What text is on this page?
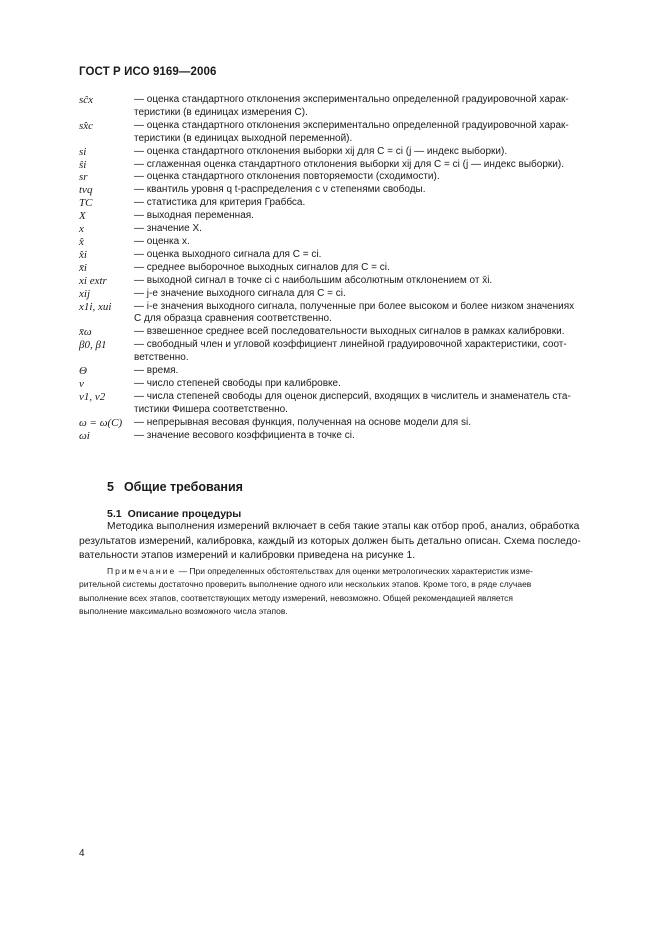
ГОСТ Р ИСО 9169—2006
sĉx	— оценка стандартного отклонения экспериментально определенной градуировочной харак-
теристики (в единицах измерения C).
sx̂c	— оценка стандартного отклонения экспериментально определенной градуировочной харак-
теристики (в единицах выходной переменной).
si	— оценка стандартного отклонения выборки xij для C = ci (j — индекс выборки).
ŝi	— сглаженная оценка стандартного отклонения выборки xij для C = ci (j — индекс выборки).
sr	— оценка стандартного отклонения повторяемости (сходимости).
tνq	— квантиль уровня q t-распределения с ν степенями свободы.
TC	— статистика для критерия Граббса.
X	— выходная переменная.
x	— значение X.
x̂	— оценка x.
x̂i	— оценка выходного сигнала для C = ci.
x̄i	— среднее выборочное выходных сигналов для C = ci.
xi extr	— выходной сигнал в точке ci с наибольшим абсолютным отклонением от x̄i.
xij	— j-е значение выходного сигнала для C = ci.
x1i, xui	— i-е значения выходного сигнала, полученные при более высоком и более низком значениях
C для образца сравнения соответственно.
x̄ω	— взвешенное среднее всей последовательности выходных сигналов в рамках калибровки.
β0, β1	— свободный член и угловой коэффициент линейной градуировочной характеристики, соот-
ветственно.
Θ	— время.
ν	— число степеней свободы при калибровке.
ν1, ν2	— числа степеней свободы для оценок дисперсий, входящих в числитель и знаменатель ста-
тистики Фишера соответственно.
ω = ω(C)	— непрерывная весовая функция, полученная на основе модели для si.
ωi	— значение весового коэффициента в точке ci.
5 Общие требования
5.1 Описание процедуры
Методика выполнения измерений включает в себя такие этапы как отбор проб, анализ, обработка
результатов измерений, калибровка, каждый из которых должен быть детально описан. Схема последо-
вательности этапов измерений и калибровки приведена на рисунке 1.
Примечание — При определенных обстоятельствах для оценки метрологических характеристик изме-
рительной системы достаточно проверить выполнение одного или нескольких этапов. Кроме того, в ряде случаев
выполнение всех этапов, соответствующих методу измерений, невозможно. Общей рекомендацией является
выполнение максимально возможного числа этапов.
4
